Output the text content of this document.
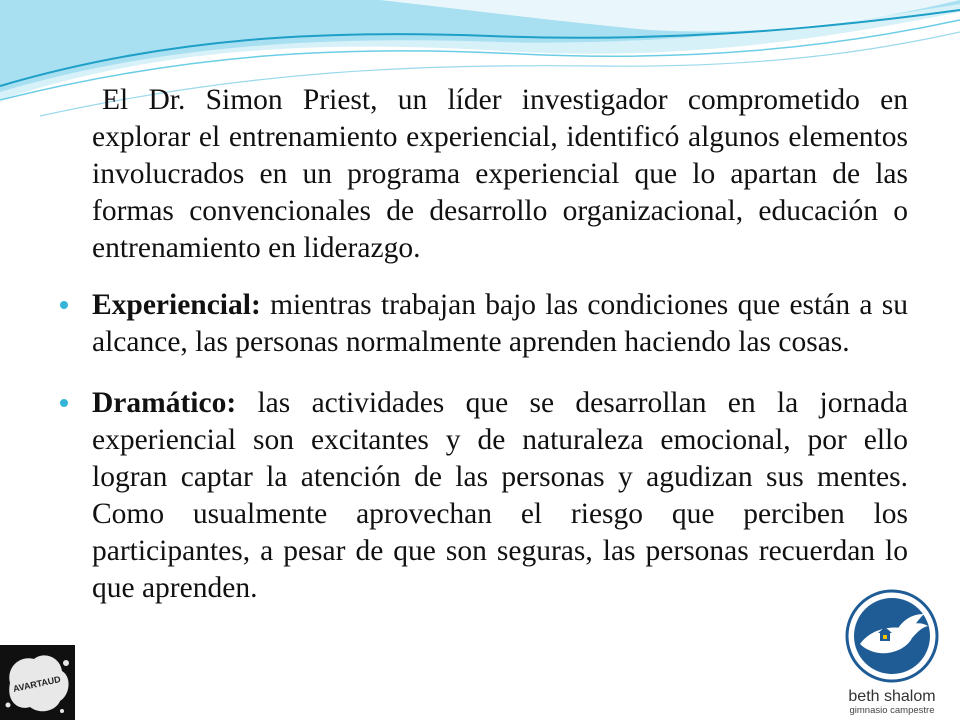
El Dr. Simon Priest, un líder investigador comprometido en explorar el entrenamiento experiencial, identificó algunos elementos involucrados en un programa experiencial que lo apartan de las formas convencionales de desarrollo organizacional, educación o entrenamiento en liderazgo.

Experiencial: mientras trabajan bajo las condiciones que están a su alcance, las personas normalmente aprenden haciendo las cosas.

Dramático: las actividades que se desarrollan en la jornada experiencial son excitantes y de naturaleza emocional, por ello logran captar la atención de las personas y agudizan sus mentes. Como usualmente aprovechan el riesgo que perciben los participantes, a pesar de que son seguras, las personas recuerdan lo que aprenden.

AVARTAUD
beth shalom
gimnasio campestre
